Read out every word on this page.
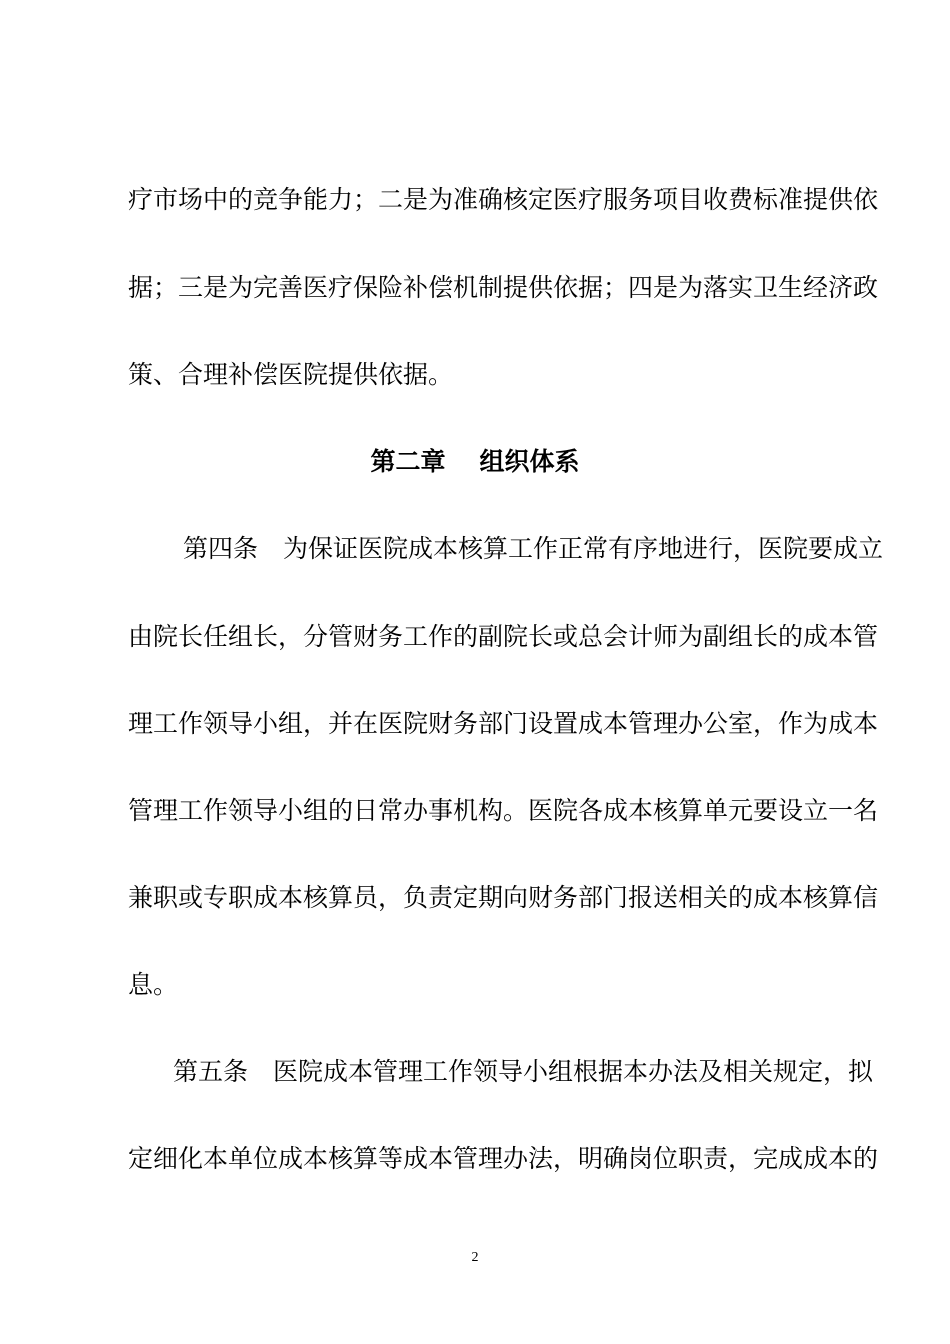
疗市场中的竞争能力；二是为准确核定医疗服务项目收费标准提供依
据；三是为完善医疗保险补偿机制提供依据；四是为落实卫生经济政
策、合理补偿医院提供依据。
第二章 组织体系
第四条　为保证医院成本核算工作正常有序地进行，医院要成立
由院长任组长，分管财务工作的副院长或总会计师为副组长的成本管
理工作领导小组，并在医院财务部门设置成本管理办公室，作为成本
管理工作领导小组的日常办事机构。医院各成本核算单元要设立一名
兼职或专职成本核算员，负责定期向财务部门报送相关的成本核算信
息。
第五条　医院成本管理工作领导小组根据本办法及相关规定，拟
定细化本单位成本核算等成本管理办法，明确岗位职责，完成成本的
2
